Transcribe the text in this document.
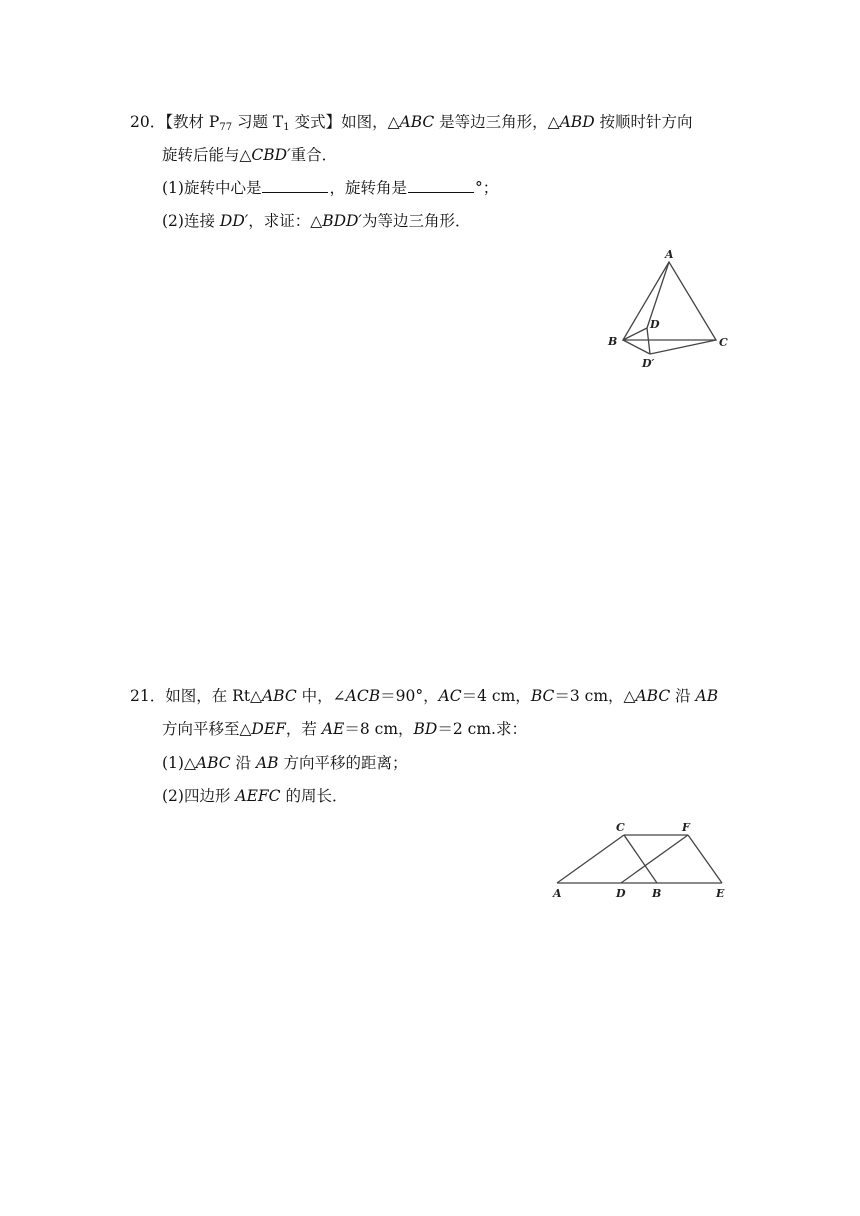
20．【教材 $P_{77}$ 习题 $T_1$ 变式】如图，△ABC 是等边三角形，△ABD 按顺时针方向
旋转后能与△CBD′重合．
(1)旋转中心是	，旋转角是	°；
(2)连接 DD′，求证：△BDD′为等边三角形．
A
B	C
D
D′
21．如图，在 Rt△ABC 中，∠ACB＝90°，AC＝4 cm，BC＝3 cm，△ABC 沿 AB
方向平移至△DEF，若 AE＝8 cm，BD＝2 cm.求：
(1)△ABC 沿 AB 方向平移的距离；
(2)四边形 AEFC 的周长．
A	D B	E
C	F
